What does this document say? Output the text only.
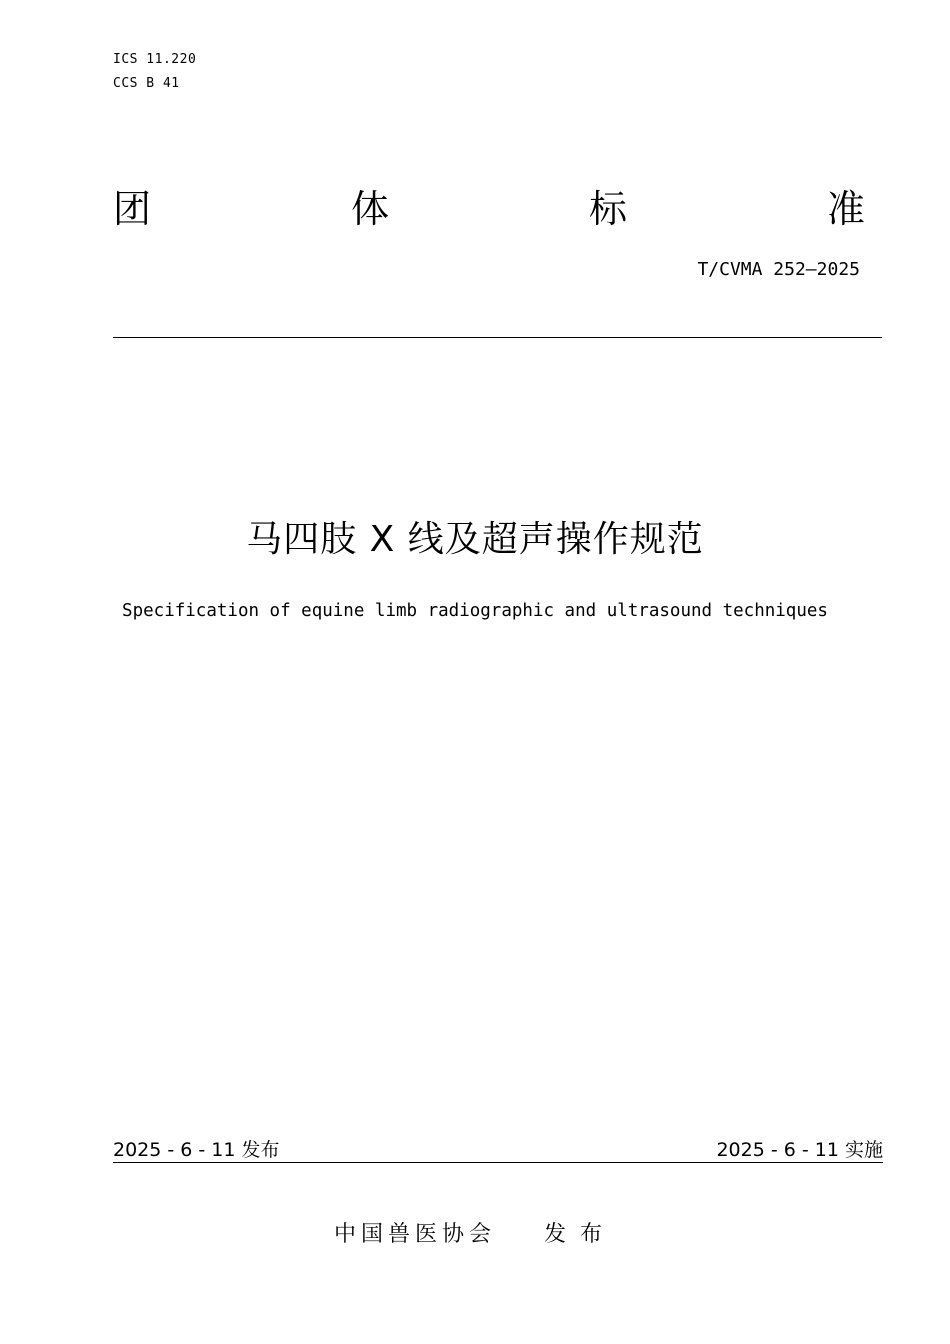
ICS 11.220
CCS B 41
团	体	标	准
T/CVMA 252—2025
马四肢 X 线及超声操作规范
Specification of equine limb radiographic and ultrasound techniques
2025 - 6 - 11 发布	2025 - 6 - 11 实施
中国兽医协会 发布
